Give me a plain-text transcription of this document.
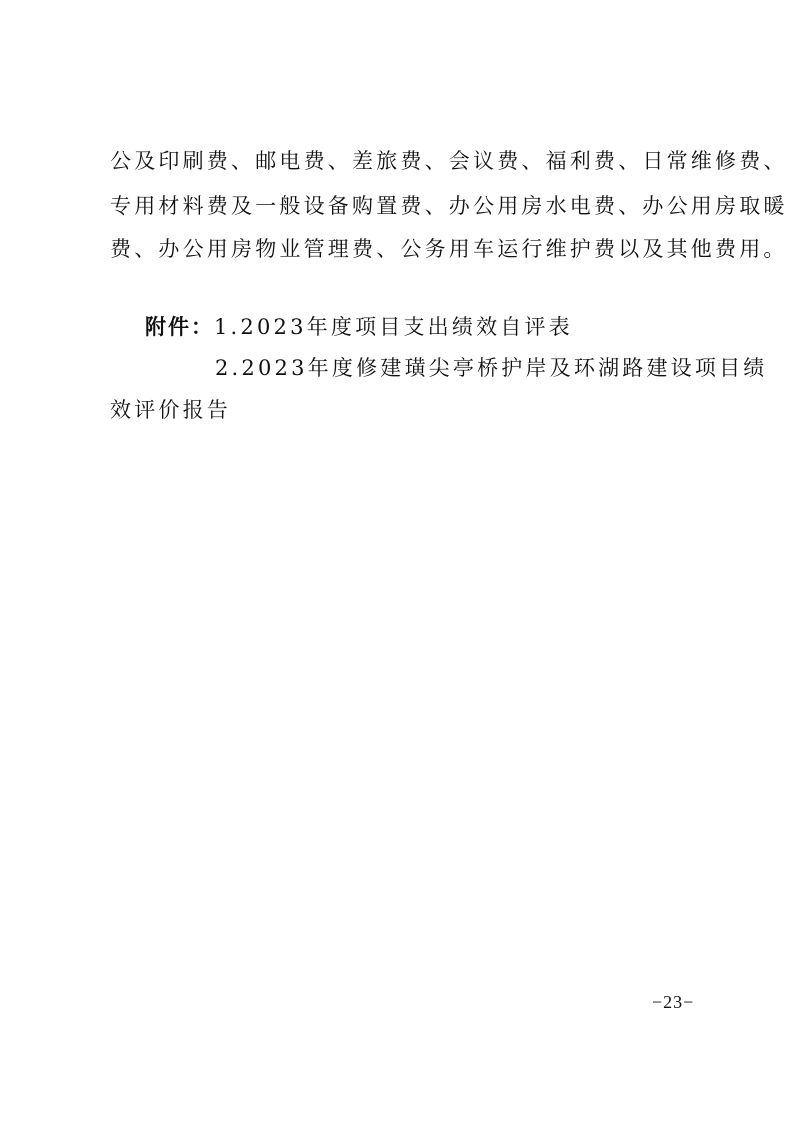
公及印刷费、邮电费、差旅费、会议费、福利费、日常维修费、
专用材料费及一般设备购置费、办公用房水电费、办公用房取暖
费、办公用房物业管理费、公务用车运行维护费以及其他费用。
附件：1.2023年度项目支出绩效自评表
2.2023年度修建璜尖亭桥护岸及环湖路建设项目绩
效评价报告
−23−
